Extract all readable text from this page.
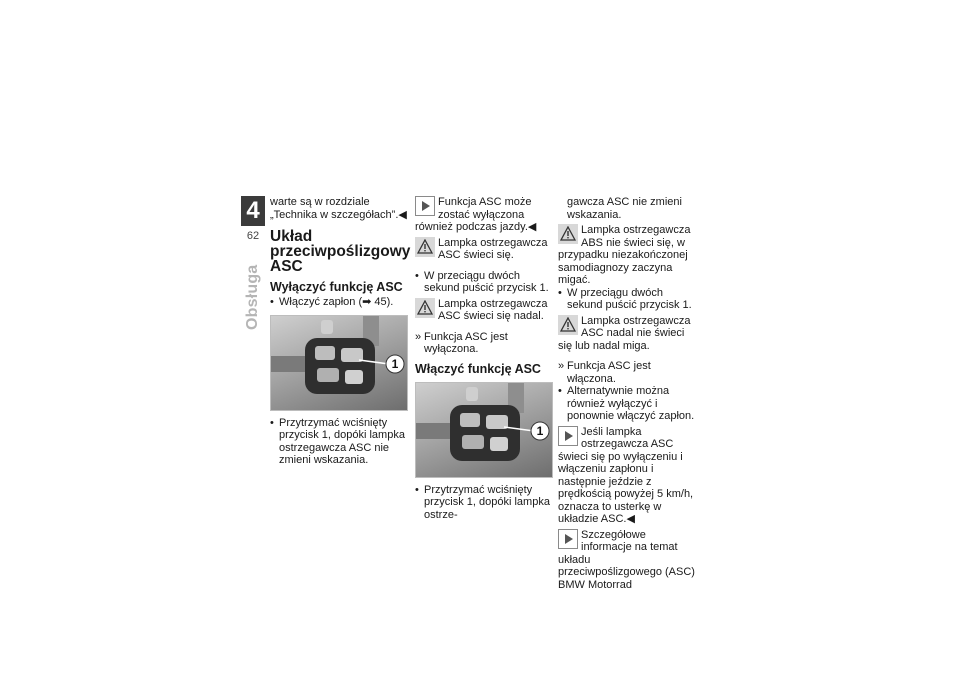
4
62
Obsługa

warte są w rozdziale „Technika w szczegółach”.◀

Układ przeciwpoślizgowy ASC
Wyłączyć funkcję ASC

• Włączyć zapłon (➡ 45).

1

• Przytrzymać wciśnięty przycisk 1, dopóki lampka ostrzegawcza ASC nie zmieni wskazania.

Funkcja ASC może zostać wyłączona również podczas jazdy.◀

Lampka ostrzegawcza ASC świeci się.

• W przeciągu dwóch sekund puścić przycisk 1.

Lampka ostrzegawcza ASC świeci się nadal.

» Funkcja ASC jest wyłączona.

Włączyć funkcję ASC
1

• Przytrzymać wciśnięty przycisk 1, dopóki lampka ostrze-

gawcza ASC nie zmieni wskazania.

Lampka ostrzegawcza ABS nie świeci się, w przypadku niezakończonej samodiagnozy zaczyna migać.

• W przeciągu dwóch sekund puścić przycisk 1.

Lampka ostrzegawcza ASC nadal nie świeci się lub nadal miga.

» Funkcja ASC jest włączona.

• Alternatywnie można również wyłączyć i ponownie włączyć zapłon.

Jeśli lampka ostrzegawcza ASC świeci się po wyłączeniu i włączeniu zapłonu i następnie jeździe z prędkością powyżej 5 km/h, oznacza to usterkę w układzie ASC.◀

Szczegółowe informacje na temat układu przeciwpoślizgowego (ASC) BMW Motorrad
